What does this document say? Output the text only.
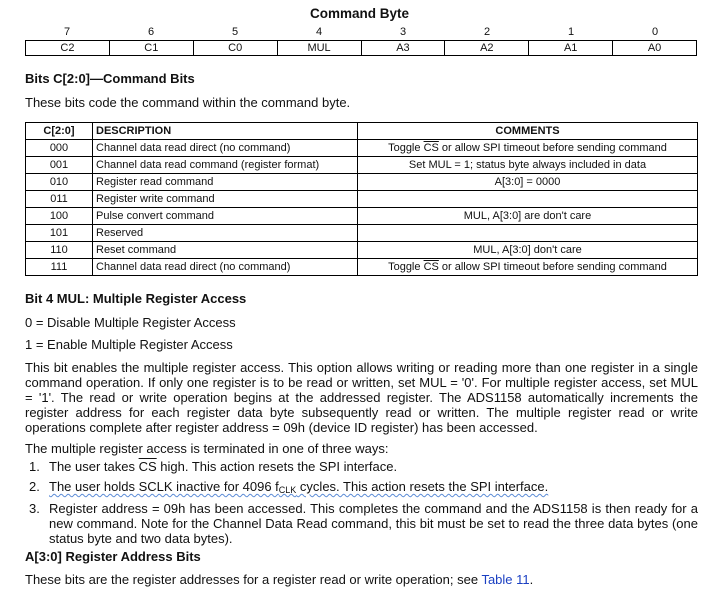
Command Byte
7	6	5	4	3	2	1	0
C2	C1	C0	MUL	A3	A2	A1	A0
Bits C[2:0]—Command Bits

These bits code the command within the command byte.

C[2:0]	DESCRIPTION	COMMENTS
000	Channel data read direct (no command)	Toggle $\overline{CS}$ or allow SPI timeout before sending command
001	Channel data read command (register format)	Set MUL = 1; status byte always included in data
010	Register read command	A[3:0] = 0000
011	Register write command	
100	Pulse convert command	MUL, A[3:0] are don't care
101	Reserved	
110	Reset command	MUL, A[3:0] don't care
111	Channel data read direct (no command)	Toggle $\overline{CS}$ or allow SPI timeout before sending command
Bit 4 MUL: Multiple Register Access

0 = Disable Multiple Register Access

1 = Enable Multiple Register Access

This bit enables the multiple register access. This option allows writing or reading more than one register in a single command operation. If only one register is to be read or written, set MUL = '0'. For multiple register access, set MUL = '1'. The read or write operation begins at the addressed register. The ADS1158 automatically increments the register address for each register data byte subsequently read or written. The multiple register read or write operations complete after register address = 09h (device ID register) has been accessed.

The multiple register access is terminated in one of three ways:

1. The user takes $\overline{CS}$ high. This action resets the SPI interface.
2. The user holds SCLK inactive for 4096 $f_{CLK}$ cycles. This action resets the SPI interface.
3. Register address = 09h has been accessed. This completes the command and the ADS1158 is then ready for a new command. Note for the Channel Data Read command, this bit must be set to read the three data bytes (one status byte and two data bytes).
A[3:0] Register Address Bits

These bits are the register addresses for a register read or write operation; see Table 11.
